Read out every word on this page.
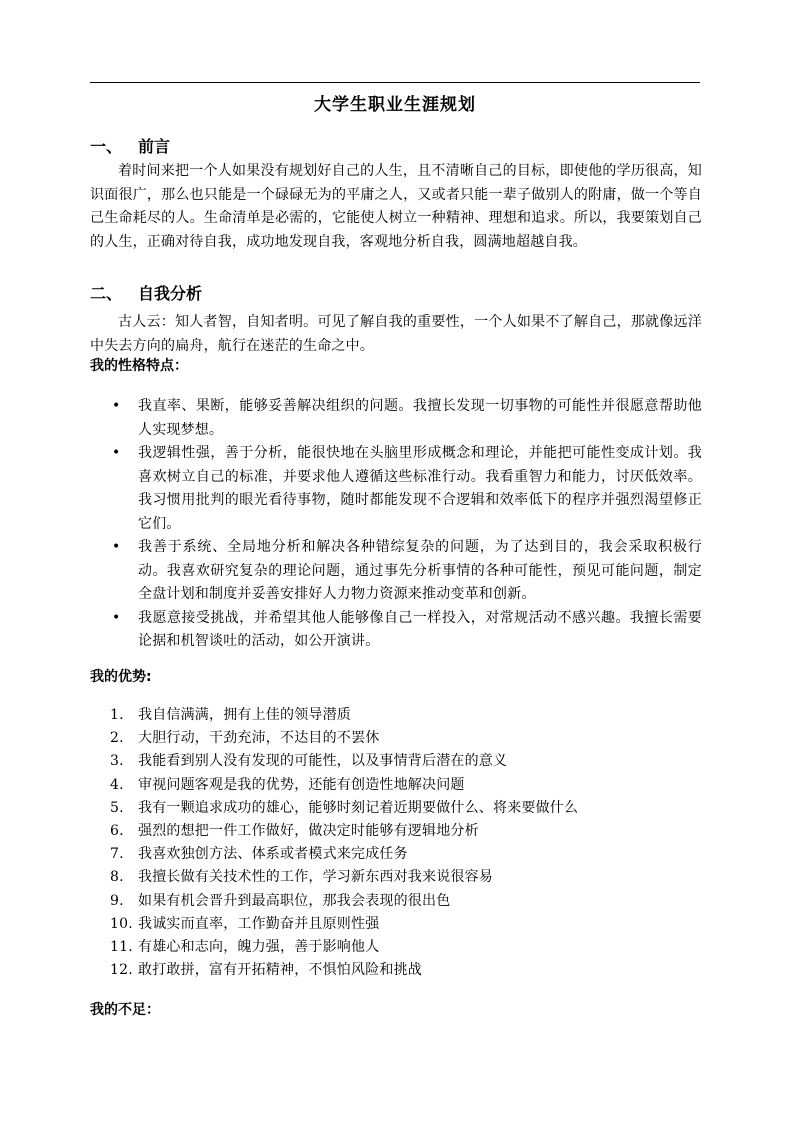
大学生职业生涯规划
一、 前言

着时间来把一个人如果没有规划好自己的人生，且不清晰自己的目标，即使他的学历很高，知识面很广，那么也只能是一个碌碌无为的平庸之人，又或者只能一辈子做别人的附庸，做一个等自己生命耗尽的人。生命清单是必需的，它能使人树立一种精神、理想和追求。所以，我要策划自己的人生，正确对待自我，成功地发现自我，客观地分析自我，圆满地超越自我。

二、 自我分析

古人云：知人者智，自知者明。可见了解自我的重要性，一个人如果不了解自己，那就像远洋中失去方向的扁舟，航行在迷茫的生命之中。

我的性格特点：
• 我直率、果断，能够妥善解决组织的问题。我擅长发现一切事物的可能性并很愿意帮助他人实现梦想。
• 我逻辑性强，善于分析，能很快地在头脑里形成概念和理论，并能把可能性变成计划。我喜欢树立自己的标准，并要求他人遵循这些标准行动。我看重智力和能力，讨厌低效率。我习惯用批判的眼光看待事物，随时都能发现不合逻辑和效率低下的程序并强烈渴望修正它们。
• 我善于系统、全局地分析和解决各种错综复杂的问题，为了达到目的，我会采取积极行动。我喜欢研究复杂的理论问题，通过事先分析事情的各种可能性，预见可能问题，制定全盘计划和制度并妥善安排好人力物力资源来推动变革和创新。
• 我愿意接受挑战，并希望其他人能够像自己一样投入，对常规活动不感兴趣。我擅长需要论据和机智谈吐的活动，如公开演讲。
我的优势:
1. 我自信满满，拥有上佳的领导潜质
2. 大胆行动，干劲充沛，不达目的不罢休
3. 我能看到别人没有发现的可能性，以及事情背后潜在的意义
4. 审视问题客观是我的优势，还能有创造性地解决问题
5. 我有一颗追求成功的雄心，能够时刻记着近期要做什么、将来要做什么
6. 强烈的想把一件工作做好，做决定时能够有逻辑地分析
7. 我喜欢独创方法、体系或者模式来完成任务
8. 我擅长做有关技术性的工作，学习新东西对我来说很容易
9. 如果有机会晋升到最高职位，那我会表现的很出色
10. 我诚实而直率，工作勤奋并且原则性强
11. 有雄心和志向，魄力强，善于影响他人
12. 敢打敢拼，富有开拓精神，不惧怕风险和挑战
我的不足：
